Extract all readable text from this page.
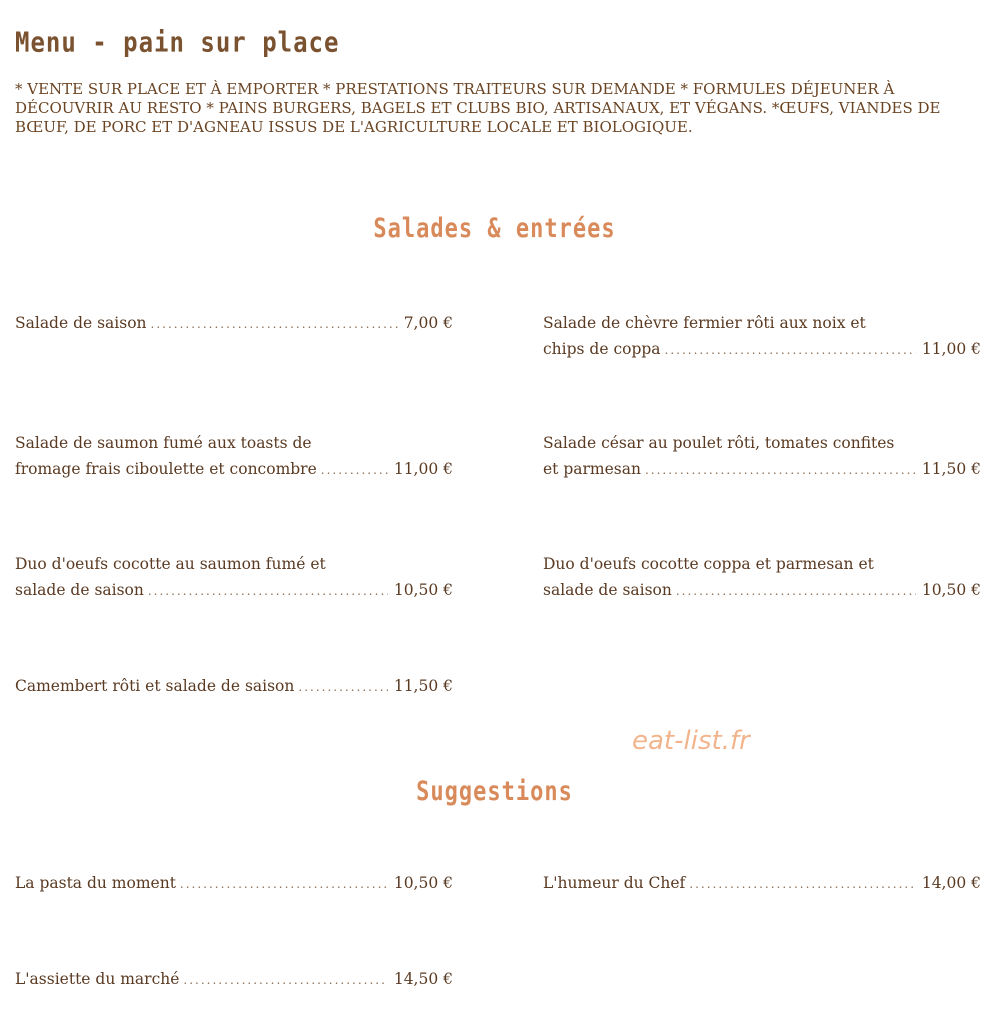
Menu - pain sur place
* VENTE SUR PLACE ET À EMPORTER * PRESTATIONS TRAITEURS SUR DEMANDE * FORMULES DÉJEUNER À DÉCOUVRIR AU RESTO * PAINS BURGERS, BAGELS ET CLUBS BIO, ARTISANAUX, ET VÉGANS. *ŒUFS, VIANDES DE BŒUF, DE PORC ET D'AGNEAU ISSUS DE L'AGRICULTURE LOCALE ET BIOLOGIQUE.
Salades & entrées
Salade de saison .....	7,00 €	Salade de chèvre fermier rôti aux noix et
chips de coppa .....	11,00 €
Salade de saumon fumé aux toasts de
fromage frais ciboulette et concombre .....	11,00 €
Salade césar au poulet rôti, tomates confites
et parmesan .....	11,50 €
Duo d'oeufs cocotte au saumon fumé et
salade de saison .....	10,50 €
Duo d'oeufs cocotte coppa et parmesan et
salade de saison .....	10,50 €
Camembert rôti et salade de saison .....	11,50 €
eat-list.fr
Suggestions
La pasta du moment .....	10,50 €	L'humeur du Chef .....	14,00 €
L'assiette du marché .....	14,50 €
